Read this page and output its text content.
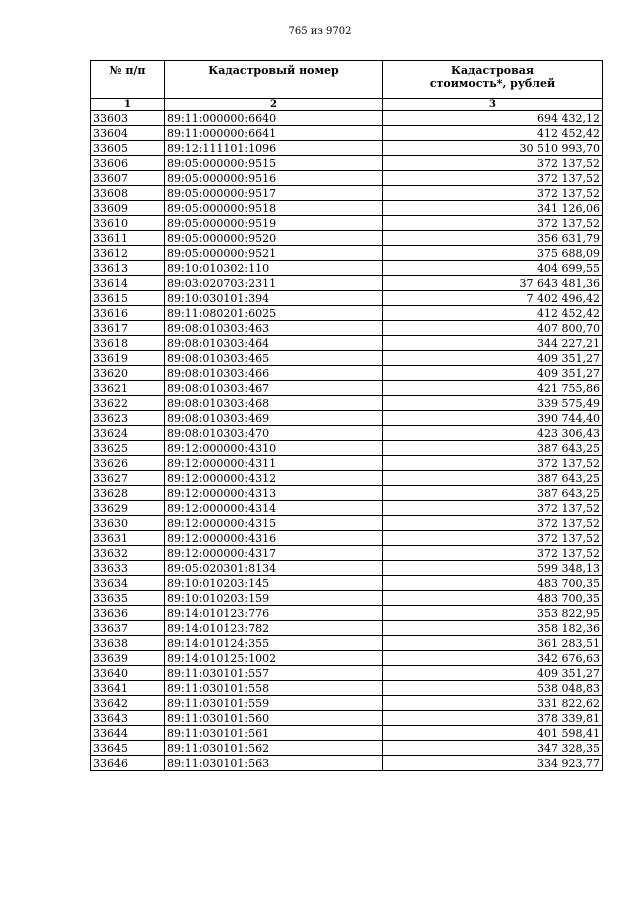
765 из 9702
№ п/п	Кадастровый номер	Кадастровая стоимость*, рублей
1	2	3
33603	89:11:000000:6640	694 432,12
33604	89:11:000000:6641	412 452,42
33605	89:12:111101:1096	30 510 993,70
33606	89:05:000000:9515	372 137,52
33607	89:05:000000:9516	372 137,52
33608	89:05:000000:9517	372 137,52
33609	89:05:000000:9518	341 126,06
33610	89:05:000000:9519	372 137,52
33611	89:05:000000:9520	356 631,79
33612	89:05:000000:9521	375 688,09
33613	89:10:010302:110	404 699,55
33614	89:03:020703:2311	37 643 481,36
33615	89:10:030101:394	7 402 496,42
33616	89:11:080201:6025	412 452,42
33617	89:08:010303:463	407 800,70
33618	89:08:010303:464	344 227,21
33619	89:08:010303:465	409 351,27
33620	89:08:010303:466	409 351,27
33621	89:08:010303:467	421 755,86
33622	89:08:010303:468	339 575,49
33623	89:08:010303:469	390 744,40
33624	89:08:010303:470	423 306,43
33625	89:12:000000:4310	387 643,25
33626	89:12:000000:4311	372 137,52
33627	89:12:000000:4312	387 643,25
33628	89:12:000000:4313	387 643,25
33629	89:12:000000:4314	372 137,52
33630	89:12:000000:4315	372 137,52
33631	89:12:000000:4316	372 137,52
33632	89:12:000000:4317	372 137,52
33633	89:05:020301:8134	599 348,13
33634	89:10:010203:145	483 700,35
33635	89:10:010203:159	483 700,35
33636	89:14:010123:776	353 822,95
33637	89:14:010123:782	358 182,36
33638	89:14:010124:355	361 283,51
33639	89:14:010125:1002	342 676,63
33640	89:11:030101:557	409 351,27
33641	89:11:030101:558	538 048,83
33642	89:11:030101:559	331 822,62
33643	89:11:030101:560	378 339,81
33644	89:11:030101:561	401 598,41
33645	89:11:030101:562	347 328,35
33646	89:11:030101:563	334 923,77
